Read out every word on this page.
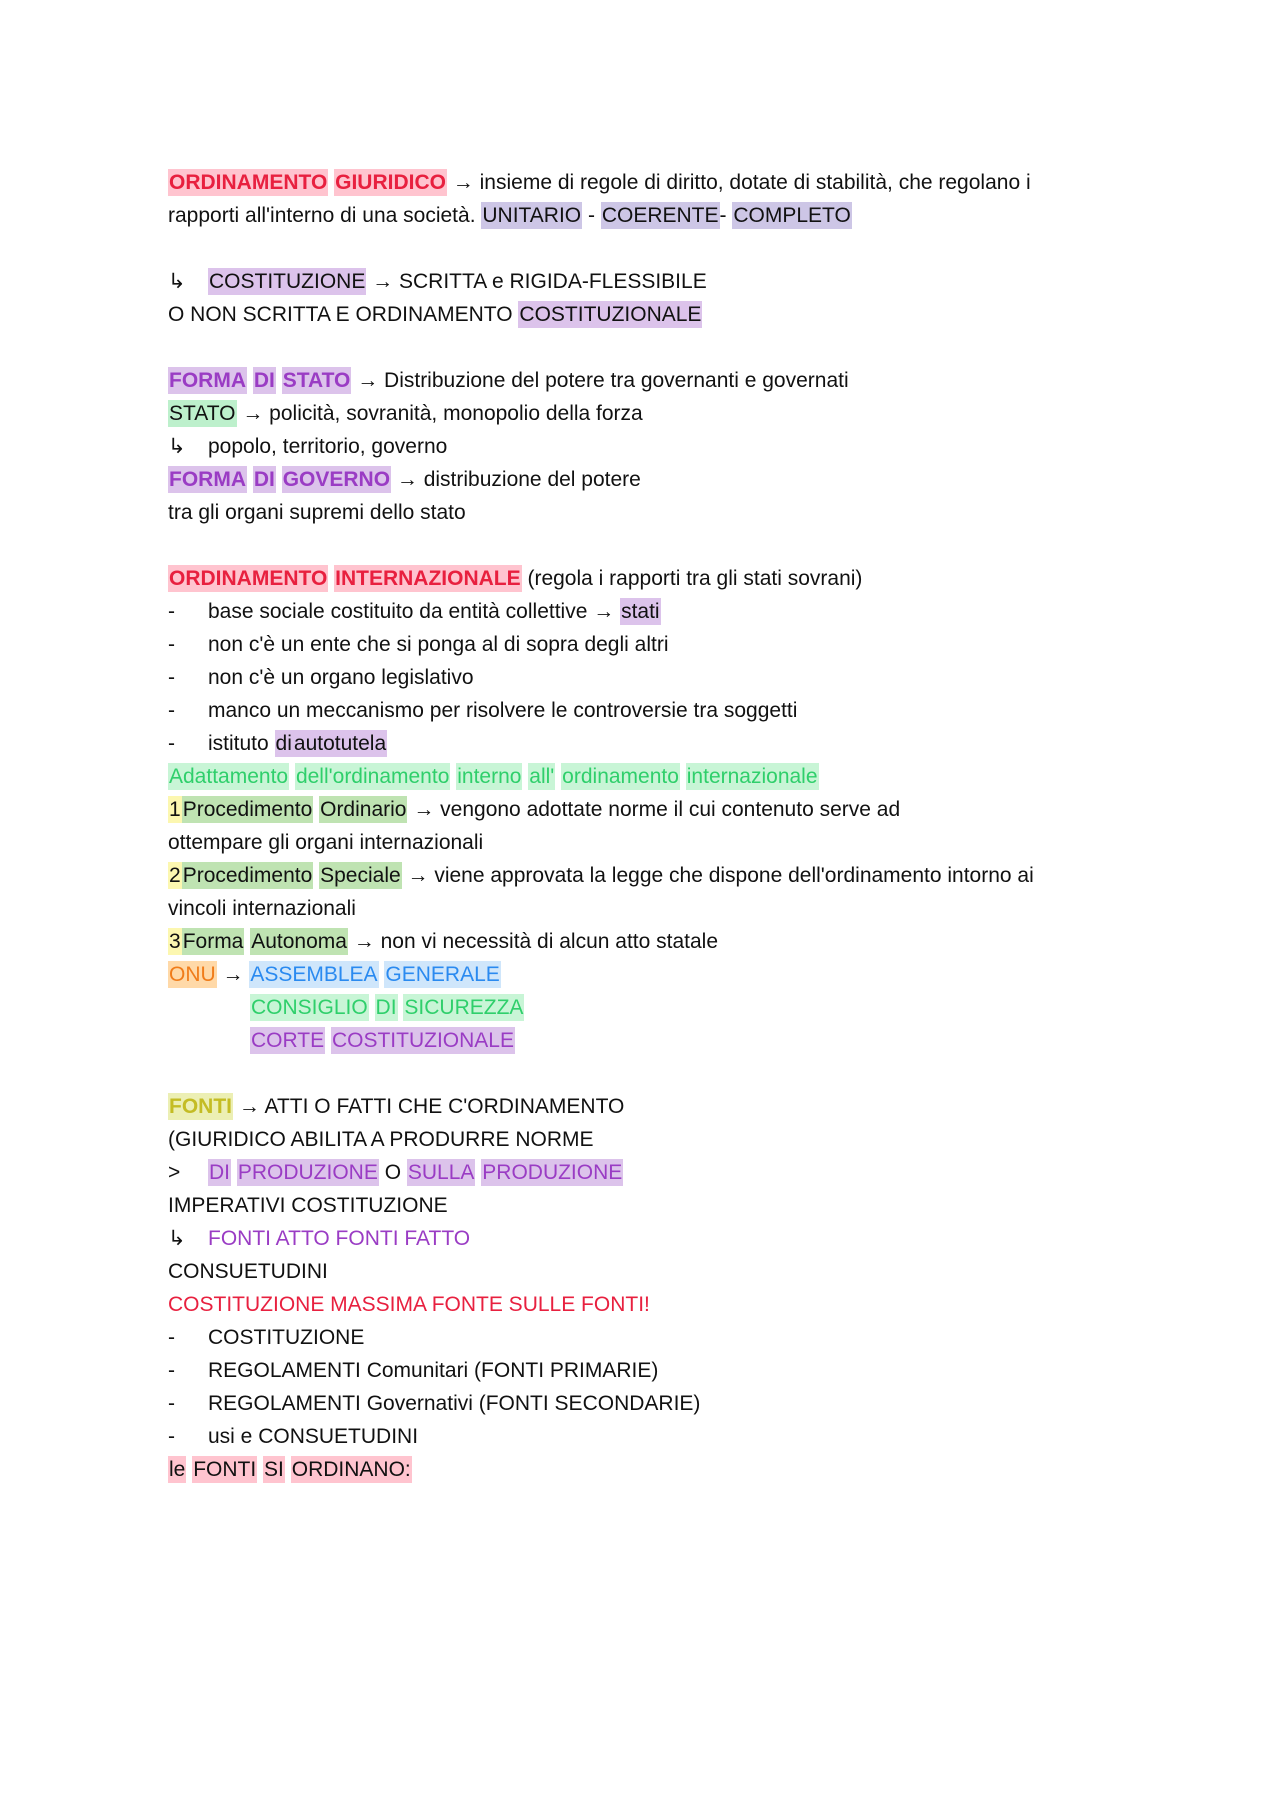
ORDINAMENTO GIURIDICO → insieme di regole di diritto, dotate di stabilità, che regolano i
rapporti all'interno di una società. UNITARIO - COERENTE- COMPLETO
↳ COSTITUZIONE → SCRITTA e RIGIDA-FLESSIBILE
O NON SCRITTA E ORDINAMENTO COSTITUZIONALE
FORMA DI STATO → Distribuzione del potere tra governanti e governati
STATO → policità, sovranità, monopolio della forza
↳ popolo, territorio, governo
FORMA DI GOVERNO → distribuzione del potere
tra gli organi supremi dello stato
ORDINAMENTO INTERNAZIONALE (regola i rapporti tra gli stati sovrani)
- base sociale costituito da entità collettive → stati
- non c'è un ente che si ponga al di sopra degli altri
- non c'è un organo legislativo
- manco un meccanismo per risolvere le controversie tra soggetti
- istituto diautotutela
Adattamento dell'ordinamento interno all' ordinamento internazionale
1Procedimento Ordinario → vengono adottate norme il cui contenuto serve ad
ottempare gli organi internazionali
2Procedimento Speciale → viene approvata la legge che dispone dell'ordinamento intorno ai
vincoli internazionali
3Forma Autonoma → non vi necessità di alcun atto statale
ONU → ASSEMBLEA GENERALE
CONSIGLIO DI SICUREZZA
CORTE COSTITUZIONALE
FONTI → ATTI O FATTI CHE C'ORDINAMENTO
(GIURIDICO ABILITA A PRODURRE NORME
> DI PRODUZIONE O SULLA PRODUZIONE
IMPERATIVI COSTITUZIONE
↳ FONTI ATTO FONTI FATTO
CONSUETUDINI
COSTITUZIONE MASSIMA FONTE SULLE FONTI!
- COSTITUZIONE
- REGOLAMENTI Comunitari (FONTI PRIMARIE)
- REGOLAMENTI Governativi (FONTI SECONDARIE)
- usi e CONSUETUDINI
le FONTI SI ORDINANO:
